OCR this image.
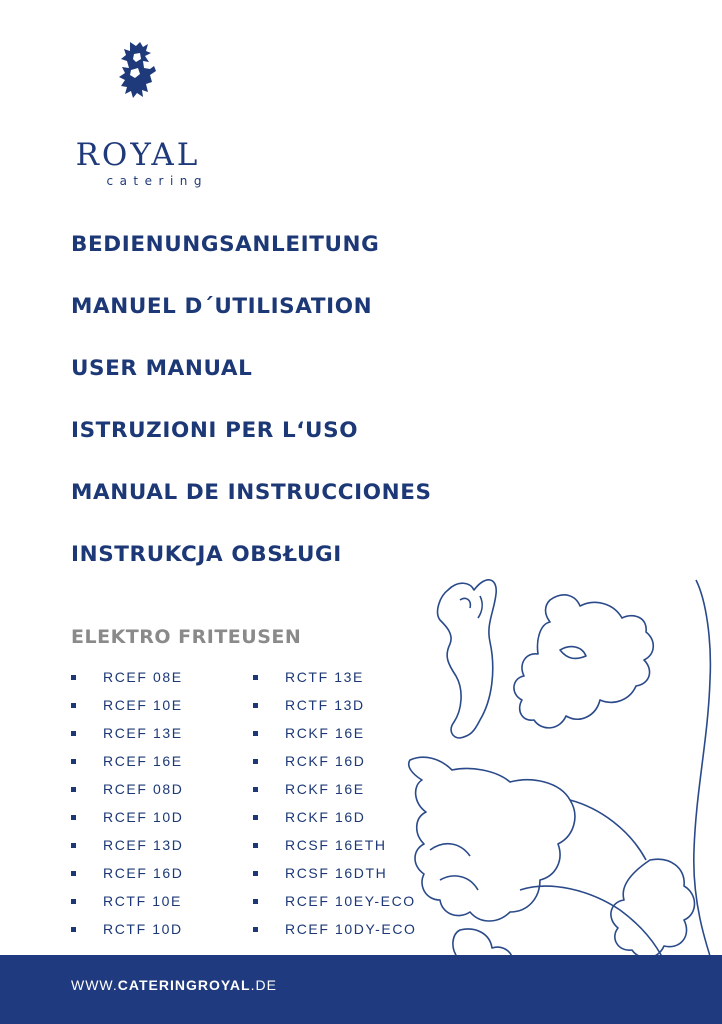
ROYAL
catering
BEDIENUNGSANLEITUNG
MANUEL D´UTILISATION
USER MANUAL
ISTRUZIONI PER L‘USO
MANUAL DE INSTRUCCIONES
INSTRUKCJA OBSŁUGI
ELEKTRO FRITEUSEN
RCEF 08E
RCEF 10E
RCEF 13E
RCEF 16E
RCEF 08D
RCEF 10D
RCEF 13D
RCEF 16D
RCTF 10E
RCTF 10D
RCTF 13E
RCTF 13D
RCKF 16E
RCKF 16D
RCKF 16E
RCKF 16D
RCSF 16ETH
RCSF 16DTH
RCEF 10EY-ECO
RCEF 10DY-ECO
WWW.CATERINGROYAL.DE
